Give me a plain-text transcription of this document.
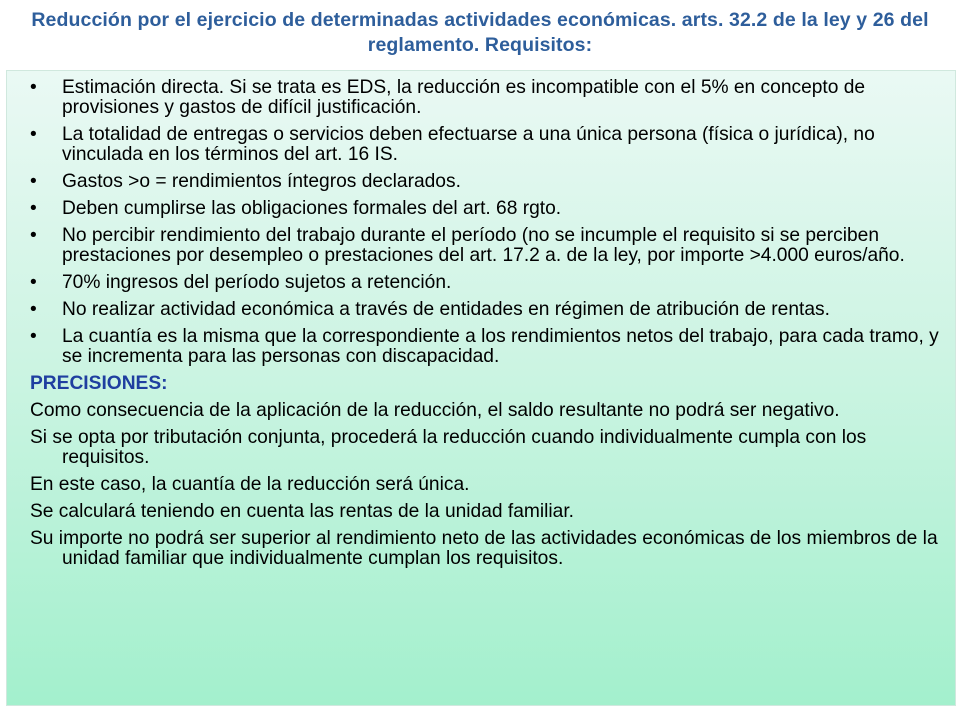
Reducción por el ejercicio de determinadas actividades económicas. arts. 32.2 de la ley y 26 del reglamento. Requisitos:
• Estimación directa. Si se trata es EDS, la reducción es incompatible con el 5% en concepto de provisiones y gastos de difícil justificación.
• La totalidad de entregas o servicios deben efectuarse a una única persona (física o jurídica), no vinculada en los términos del art. 16 IS.
• Gastos >o = rendimientos íntegros declarados.
• Deben cumplirse las obligaciones formales del art. 68 rgto.
• No percibir rendimiento del trabajo durante el período (no se incumple el requisito si se perciben prestaciones por desempleo o prestaciones del art. 17.2 a. de la ley, por importe >4.000 euros/año.
• 70% ingresos del período sujetos a retención.
• No realizar actividad económica a través de entidades en régimen de atribución de rentas.
• La cuantía es la misma que la correspondiente a los rendimientos netos del trabajo, para cada tramo, y se incrementa para las personas con discapacidad.
PRECISIONES:
Como consecuencia de la aplicación de la reducción, el saldo resultante no podrá ser negativo.
Si se opta por tributación conjunta, procederá la reducción cuando individualmente cumpla con los requisitos.
En este caso, la cuantía de la reducción será única.
Se calculará teniendo en cuenta las rentas de la unidad familiar.
Su importe no podrá ser superior al rendimiento neto de las actividades económicas de los miembros de la unidad familiar que individualmente cumplan los requisitos.
